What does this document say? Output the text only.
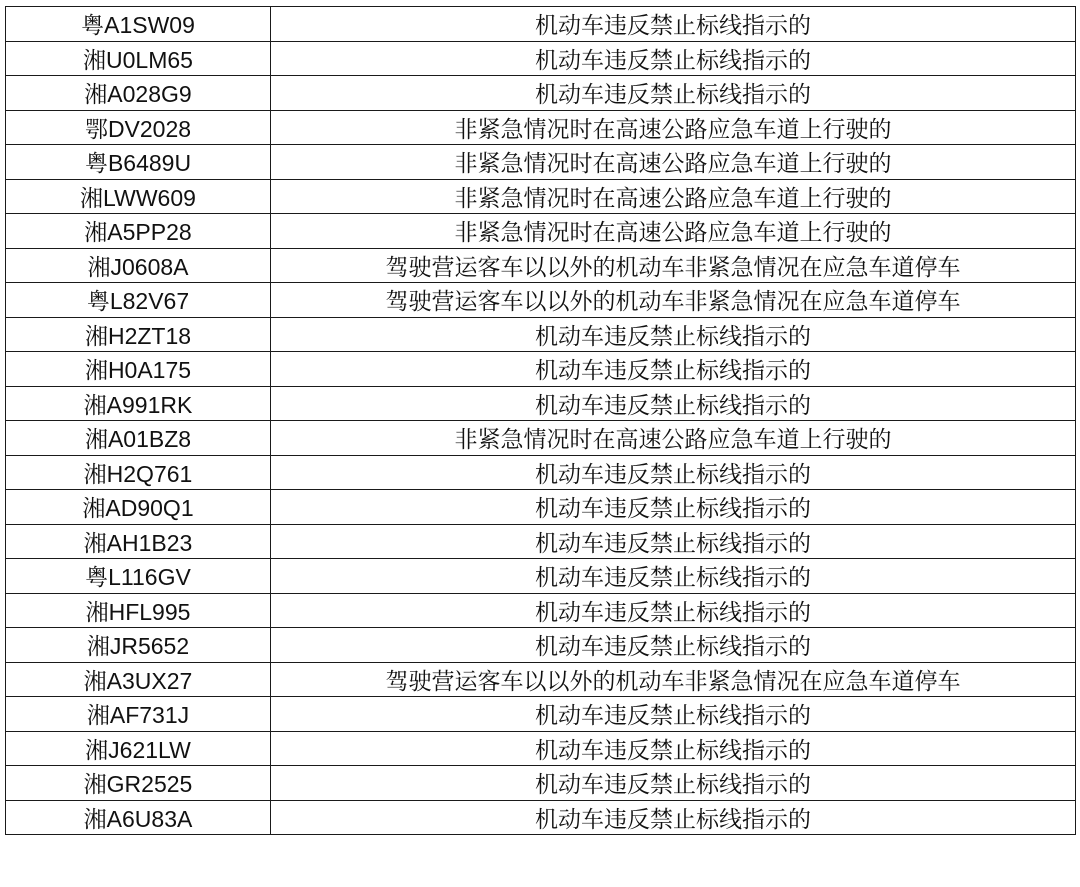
粤A1SW09	机动车违反禁止标线指示的
湘U0LM65	机动车违反禁止标线指示的
湘A028G9	机动车违反禁止标线指示的
鄂DV2028	非紧急情况时在高速公路应急车道上行驶的
粤B6489U	非紧急情况时在高速公路应急车道上行驶的
湘LWW609	非紧急情况时在高速公路应急车道上行驶的
湘A5PP28	非紧急情况时在高速公路应急车道上行驶的
湘J0608A	驾驶营运客车以以外的机动车非紧急情况在应急车道停车
粤L82V67	驾驶营运客车以以外的机动车非紧急情况在应急车道停车
湘H2ZT18	机动车违反禁止标线指示的
湘H0A175	机动车违反禁止标线指示的
湘A991RK	机动车违反禁止标线指示的
湘A01BZ8	非紧急情况时在高速公路应急车道上行驶的
湘H2Q761	机动车违反禁止标线指示的
湘AD90Q1	机动车违反禁止标线指示的
湘AH1B23	机动车违反禁止标线指示的
粤L116GV	机动车违反禁止标线指示的
湘HFL995	机动车违反禁止标线指示的
湘JR5652	机动车违反禁止标线指示的
湘A3UX27	驾驶营运客车以以外的机动车非紧急情况在应急车道停车
湘AF731J	机动车违反禁止标线指示的
湘J621LW	机动车违反禁止标线指示的
湘GR2525	机动车违反禁止标线指示的
湘A6U83A	机动车违反禁止标线指示的
